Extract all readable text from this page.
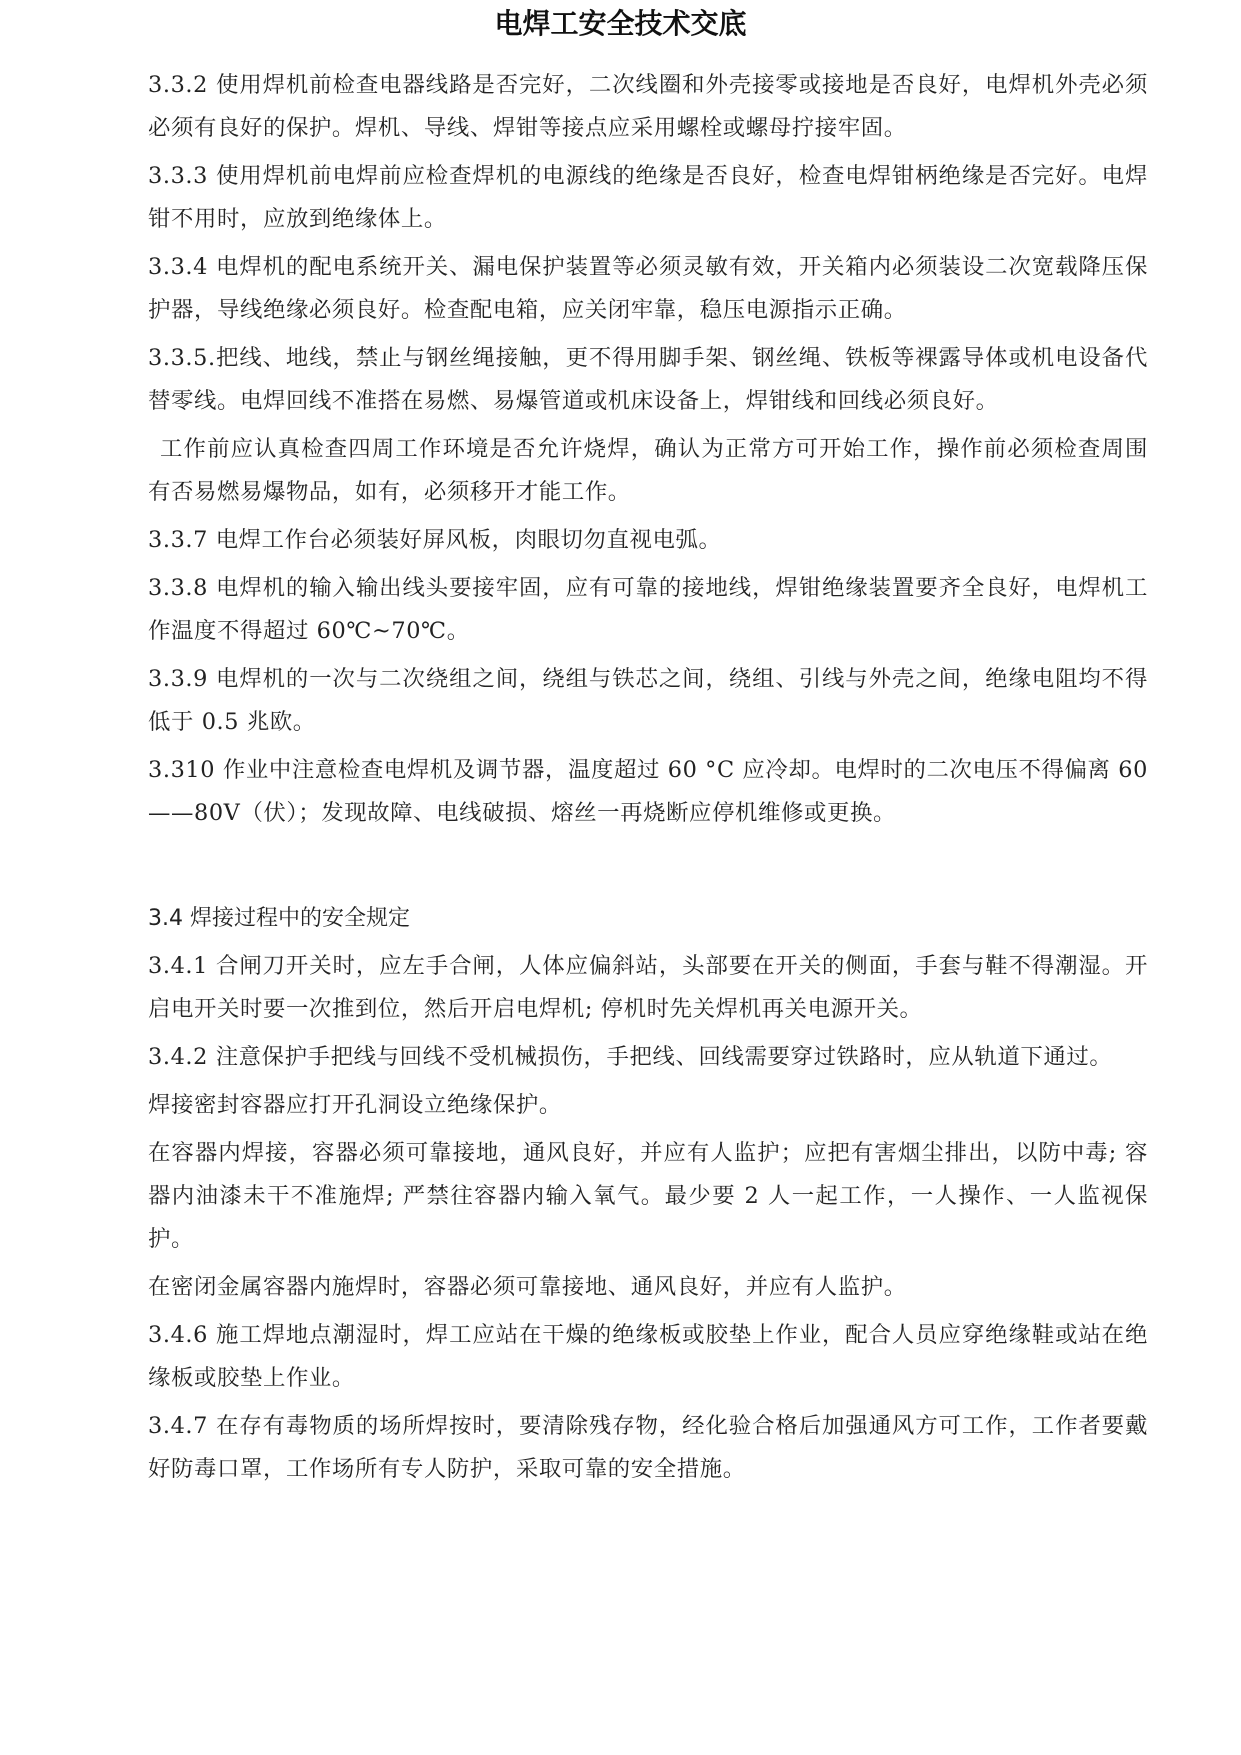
电焊工安全技术交底

3.3.2 使用焊机前检查电器线路是否完好，二次线圈和外壳接零或接地是否良好，电焊机外壳必须必须有良好的保护。焊机、导线、焊钳等接点应采用螺栓或螺母拧接牢固。

3.3.3 使用焊机前电焊前应检查焊机的电源线的绝缘是否良好，检查电焊钳柄绝缘是否完好。电焊钳不用时，应放到绝缘体上。

3.3.4 电焊机的配电系统开关、漏电保护装置等必须灵敏有效，开关箱内必须装设二次宽载降压保护器，导线绝缘必须良好。检查配电箱，应关闭牢靠，稳压电源指示正确。

3.3.5.把线、地线，禁止与钢丝绳接触，更不得用脚手架、钢丝绳、铁板等裸露导体或机电设备代替零线。电焊回线不准搭在易燃、易爆管道或机床设备上，焊钳线和回线必须良好。

工作前应认真检查四周工作环境是否允许烧焊，确认为正常方可开始工作，操作前必须检查周围有否易燃易爆物品，如有，必须移开才能工作。

3.3.7 电焊工作台必须装好屏风板，肉眼切勿直视电弧。

3.3.8 电焊机的输入输出线头要接牢固，应有可靠的接地线，焊钳绝缘装置要齐全良好，电焊机工作温度不得超过 60℃~70℃。

3.3.9 电焊机的一次与二次绕组之间，绕组与铁芯之间，绕组、引线与外壳之间，绝缘电阻均不得低于 0.5 兆欧。

3.310 作业中注意检查电焊机及调节器，温度超过 60 °C 应冷却。电焊时的二次电压不得偏离 60——80V（伏）；发现故障、电线破损、熔丝一再烧断应停机维修或更换。

3.4 焊接过程中的安全规定

3.4.1 合闸刀开关时，应左手合闸，人体应偏斜站，头部要在开关的侧面，手套与鞋不得潮湿。开启电开关时要一次推到位，然后开启电焊机; 停机时先关焊机再关电源开关。

3.4.2 注意保护手把线与回线不受机械损伤，手把线、回线需要穿过铁路时，应从轨道下通过。

焊接密封容器应打开孔洞设立绝缘保护。

在容器内焊接，容器必须可靠接地，通风良好，并应有人监护；应把有害烟尘排出，以防中毒; 容器内油漆未干不准施焊; 严禁往容器内输入氧气。最少要 2 人一起工作，一人操作、一人监视保护。

在密闭金属容器内施焊时，容器必须可靠接地、通风良好，并应有人监护。

3.4.6 施工焊地点潮湿时，焊工应站在干燥的绝缘板或胶垫上作业，配合人员应穿绝缘鞋或站在绝缘板或胶垫上作业。

3.4.7 在存有毒物质的场所焊按时，要清除残存物，经化验合格后加强通风方可工作，工作者要戴好防毒口罩，工作场所有专人防护，采取可靠的安全措施。
